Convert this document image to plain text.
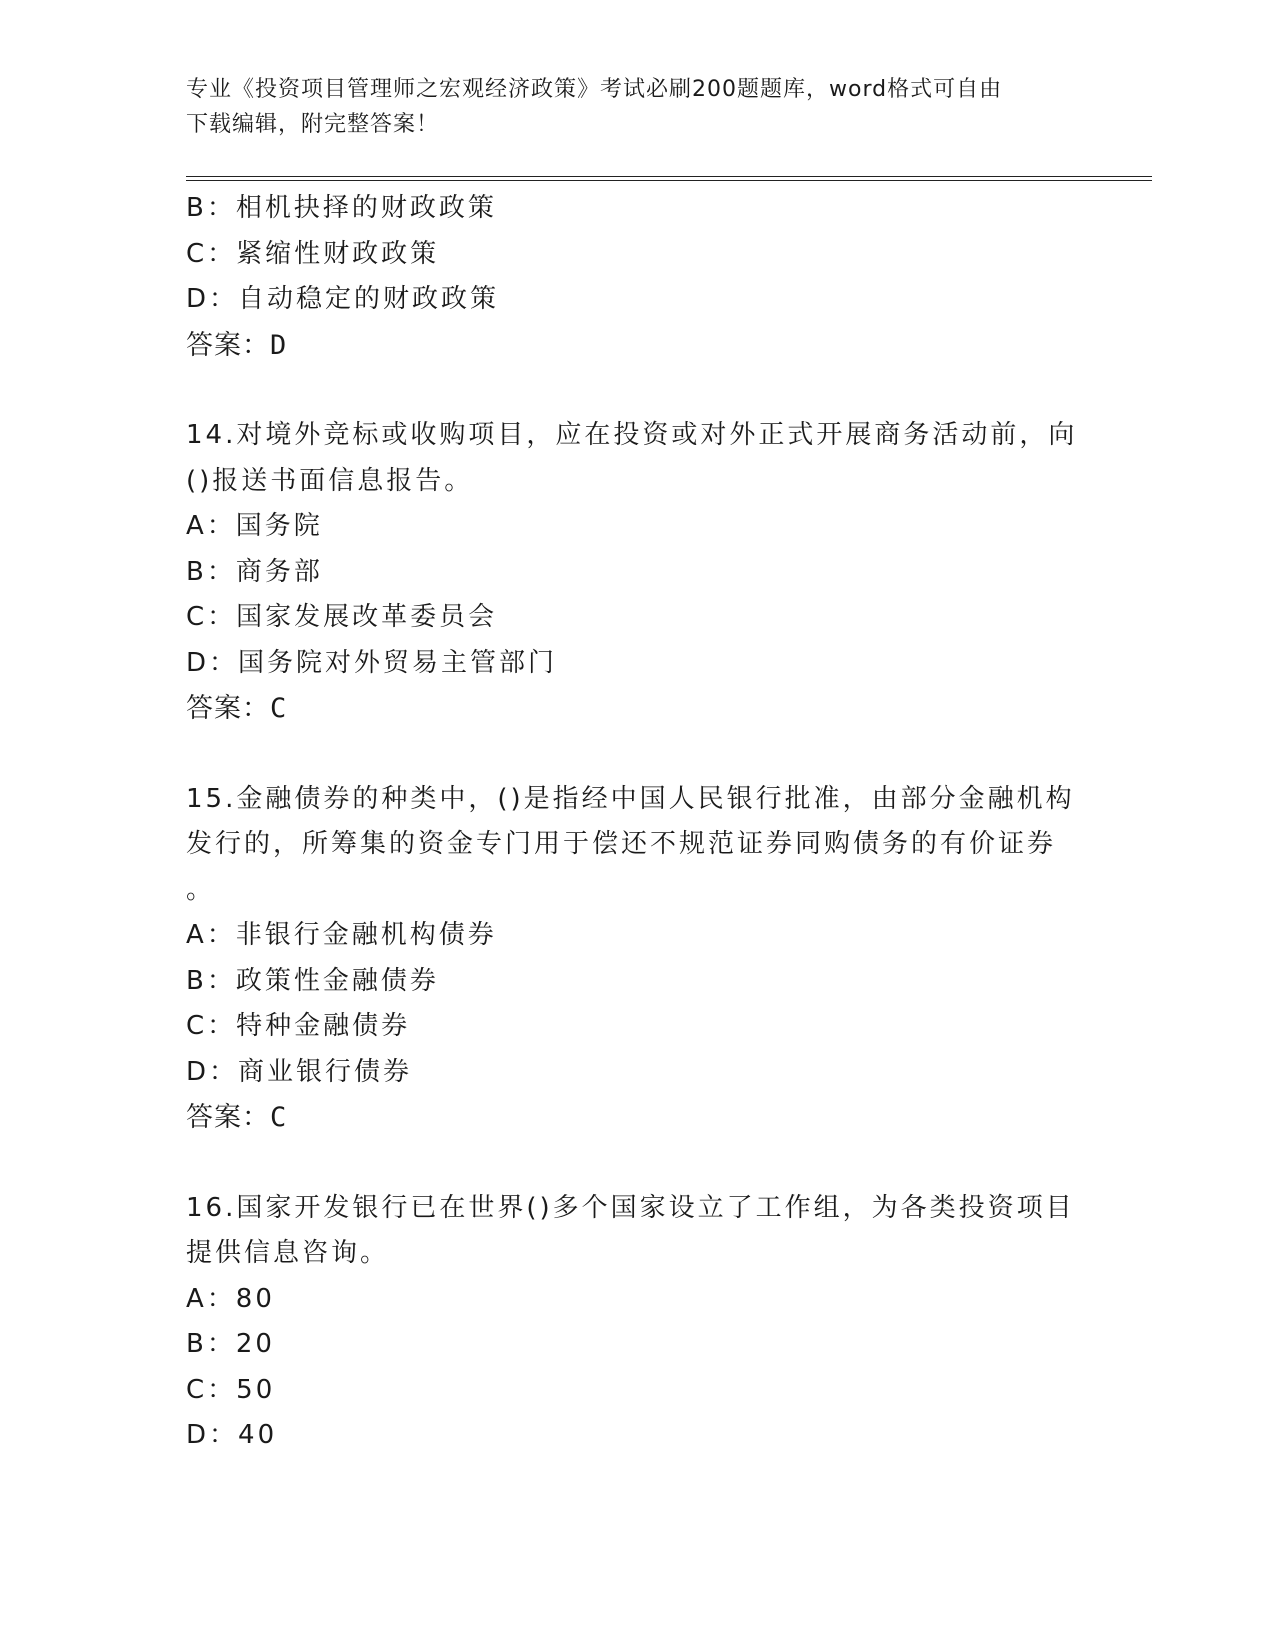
专业《投资项目管理师之宏观经济政策》考试必刷200题题库，word格式可自由
下载编辑，附完整答案！
B：相机抉择的财政政策
C：紧缩性财政政策
D：自动稳定的财政政策
答案：D
14.对境外竞标或收购项目，应在投资或对外正式开展商务活动前，向
()报送书面信息报告。
A：国务院
B：商务部
C：国家发展改革委员会
D：国务院对外贸易主管部门
答案：C
15.金融债券的种类中，()是指经中国人民银行批准，由部分金融机构
发行的，所筹集的资金专门用于偿还不规范证券同购债务的有价证券
。
A：非银行金融机构债券
B：政策性金融债券
C：特种金融债券
D：商业银行债券
答案：C
16.国家开发银行已在世界()多个国家设立了工作组，为各类投资项目
提供信息咨询。
A：80
B：20
C：50
D：40
